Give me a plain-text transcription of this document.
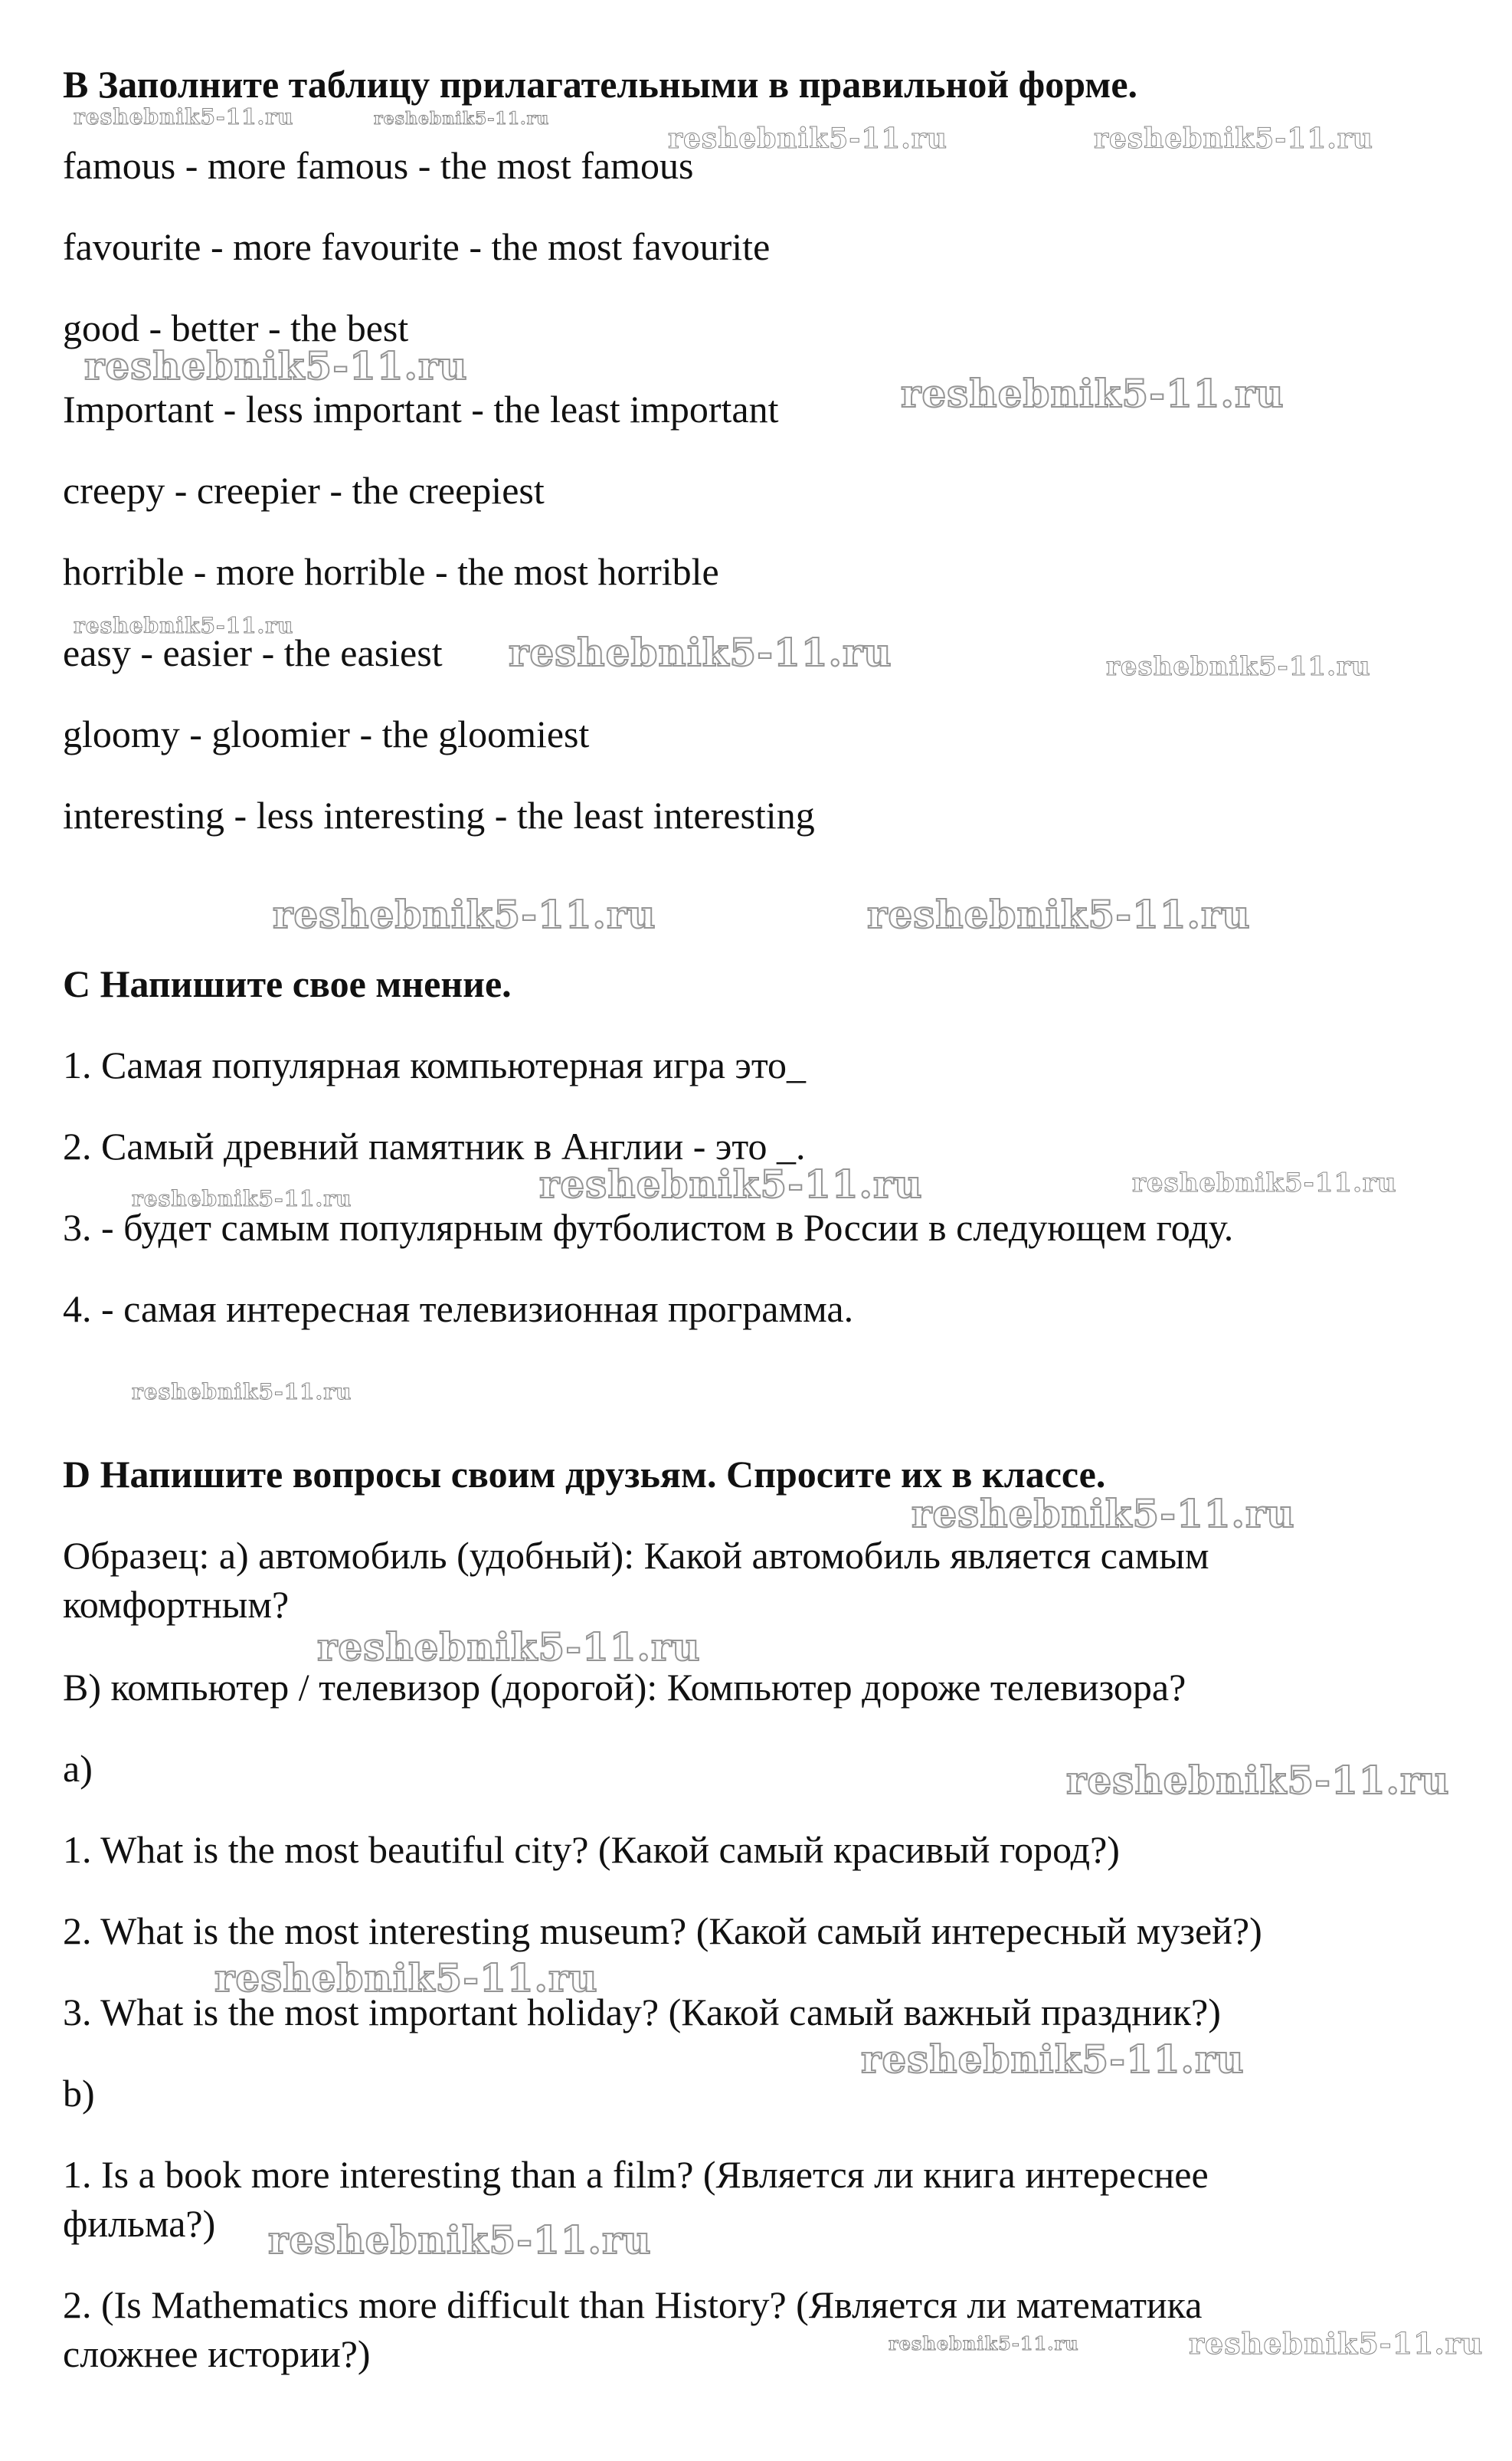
B Заполните таблицу прилагательными в правильной форме.
famous - more famous - the most famous
favourite - more favourite - the most favourite
good - better - the best
Important - less important - the least important
creepy - creepier - the creepiest
horrible - more horrible - the most horrible
easy - easier - the easiest
gloomy - gloomier - the gloomiest
interesting - less interesting - the least interesting
C Напишите свое мнение.
1. Самая популярная компьютерная игра это_
2. Самый древний памятник в Англии - это _.
3. - будет самым популярным футболистом в России в следующем году.
4. - самая интересная телевизионная программа.
D Напишите вопросы своим друзьям. Спросите их в классе.
Образец: а) автомобиль (удобный): Какой автомобиль является самым
комфортным?
В) компьютер / телевизор (дорогой): Компьютер дороже телевизора?
a)
1. What is the most beautiful city? (Какой самый красивый город?)
2. What is the most interesting museum? (Какой самый интересный музей?)
3. What is the most important holiday? (Какой самый важный праздник?)
b)
1. Is a book more interesting than a film? (Является ли книга интереснее
фильма?)
2. (Is Mathematics more difficult than History? (Является ли математика
сложнее истории?)
reshebnik5-11.ru	reshebnik5-11.ru
reshebnik5-11.ru	reshebnik5-11.ru
reshebnik5-11.ru
reshebnik5-11.ru
reshebnik5-11.ru
reshebnik5-11.ru	reshebnik5-11.ru
reshebnik5-11.ru	reshebnik5-11.ru
reshebnik5-11.ru	reshebnik5-11.ru	reshebnik5-11.ru
reshebnik5-11.ru
reshebnik5-11.ru
reshebnik5-11.ru
reshebnik5-11.ru
reshebnik5-11.ru
reshebnik5-11.ru
reshebnik5-11.ru
reshebnik5-11.ru	reshebnik5-11.ru
